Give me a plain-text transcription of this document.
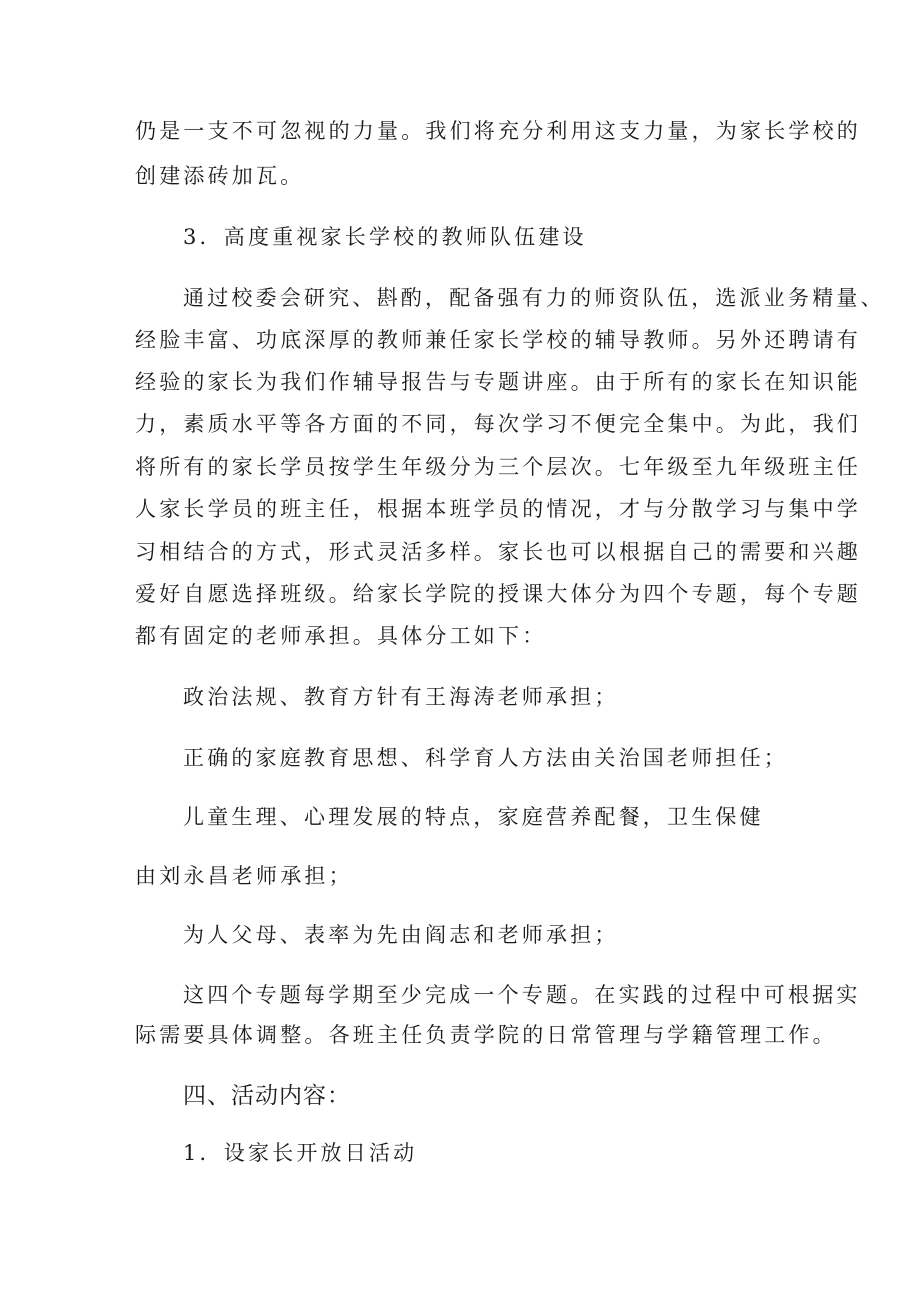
仍是一支不可忽视的力量。我们将充分利用这支力量，为家长学校的
创建添砖加瓦。
3．高度重视家长学校的教师队伍建设
通过校委会研究、斟酌，配备强有力的师资队伍，选派业务精量、
经脸丰富、功底深厚的教师兼任家长学校的辅导教师。另外还聘请有
经验的家长为我们作辅导报告与专题讲座。由于所有的家长在知识能
力，素质水平等各方面的不同，每次学习不便完全集中。为此，我们
将所有的家长学员按学生年级分为三个层次。七年级至九年级班主任
人家长学员的班主任，根据本班学员的情况，才与分散学习与集中学
习相结合的方式，形式灵活多样。家长也可以根据自己的需要和兴趣
爱好自愿选择班级。给家长学院的授课大体分为四个专题，每个专题
都有固定的老师承担。具体分工如下：
政治法规、教育方针有王海涛老师承担；
正确的家庭教育思想、科学育人方法由关治国老师担任；
儿童生理、心理发展的特点，家庭营养配餐，卫生保健
由刘永昌老师承担；
为人父母、表率为先由阎志和老师承担；
这四个专题每学期至少完成一个专题。在实践的过程中可根据实
际需要具体调整。各班主任负责学院的日常管理与学籍管理工作。
四、活动内容：
1．设家长开放日活动
